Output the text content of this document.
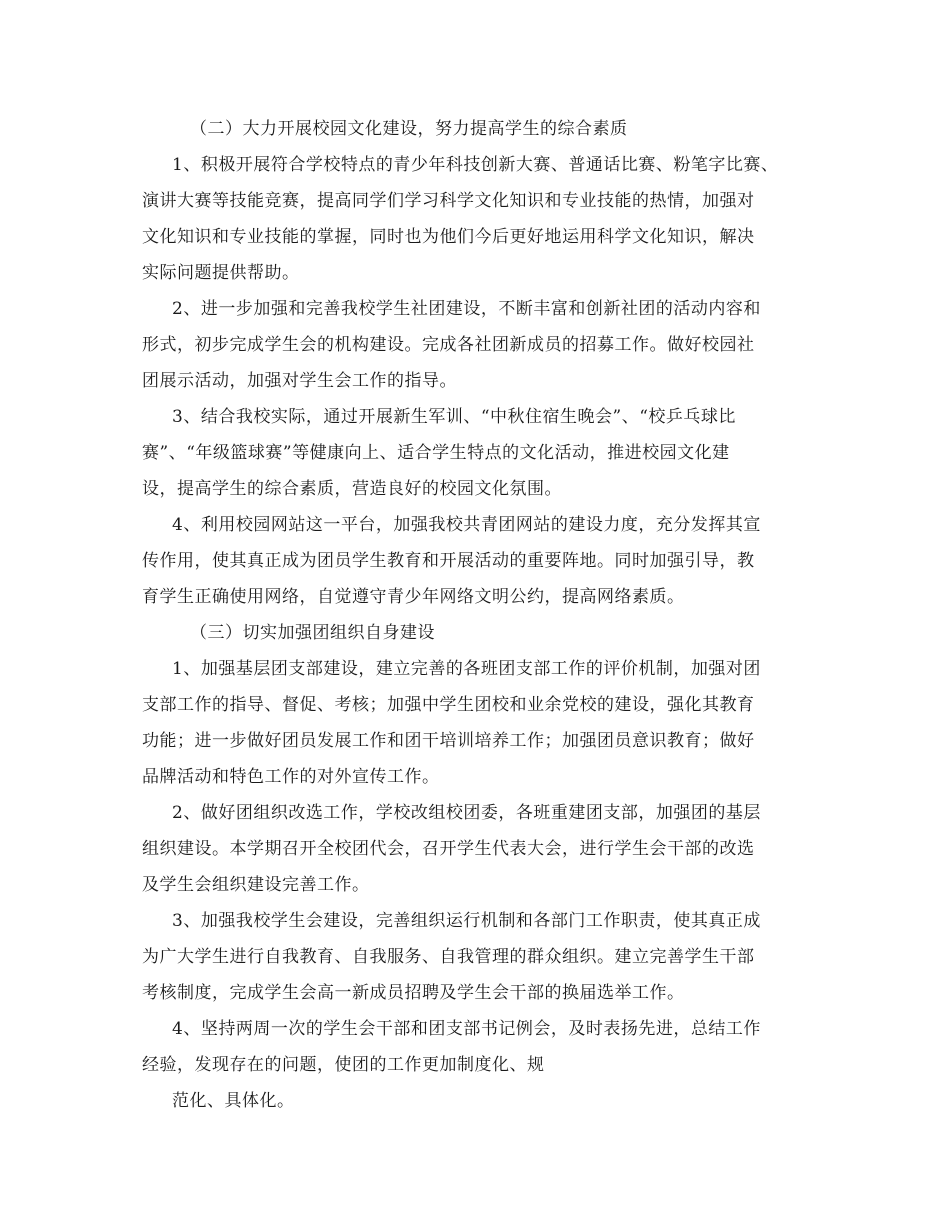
（二）大力开展校园文化建设，努力提高学生的综合素质
1、积极开展符合学校特点的青少年科技创新大赛、普通话比赛、粉笔字比赛、
演讲大赛等技能竞赛，提高同学们学习科学文化知识和专业技能的热情，加强对
文化知识和专业技能的掌握，同时也为他们今后更好地运用科学文化知识，解决
实际问题提供帮助。
2、进一步加强和完善我校学生社团建设，不断丰富和创新社团的活动内容和
形式，初步完成学生会的机构建设。完成各社团新成员的招募工作。做好校园社
团展示活动，加强对学生会工作的指导。
3、结合我校实际，通过开展新生军训、“中秋住宿生晚会”、“校乒乓球比
赛”、“年级篮球赛”等健康向上、适合学生特点的文化活动，推进校园文化建
设，提高学生的综合素质，营造良好的校园文化氛围。
4、利用校园网站这一平台，加强我校共青团网站的建设力度，充分发挥其宣
传作用，使其真正成为团员学生教育和开展活动的重要阵地。同时加强引导，教
育学生正确使用网络，自觉遵守青少年网络文明公约，提高网络素质。
（三）切实加强团组织自身建设
1、加强基层团支部建设，建立完善的各班团支部工作的评价机制，加强对团
支部工作的指导、督促、考核；加强中学生团校和业余党校的建设，强化其教育
功能；进一步做好团员发展工作和团干培训培养工作；加强团员意识教育；做好
品牌活动和特色工作的对外宣传工作。
2、做好团组织改选工作，学校改组校团委，各班重建团支部，加强团的基层
组织建设。本学期召开全校团代会，召开学生代表大会，进行学生会干部的改选
及学生会组织建设完善工作。
3、加强我校学生会建设，完善组织运行机制和各部门工作职责，使其真正成
为广大学生进行自我教育、自我服务、自我管理的群众组织。建立完善学生干部
考核制度，完成学生会高一新成员招聘及学生会干部的换届选举工作。
4、坚持两周一次的学生会干部和团支部书记例会，及时表扬先进，总结工作
经验，发现存在的问题，使团的工作更加制度化、规
范化、具体化。
